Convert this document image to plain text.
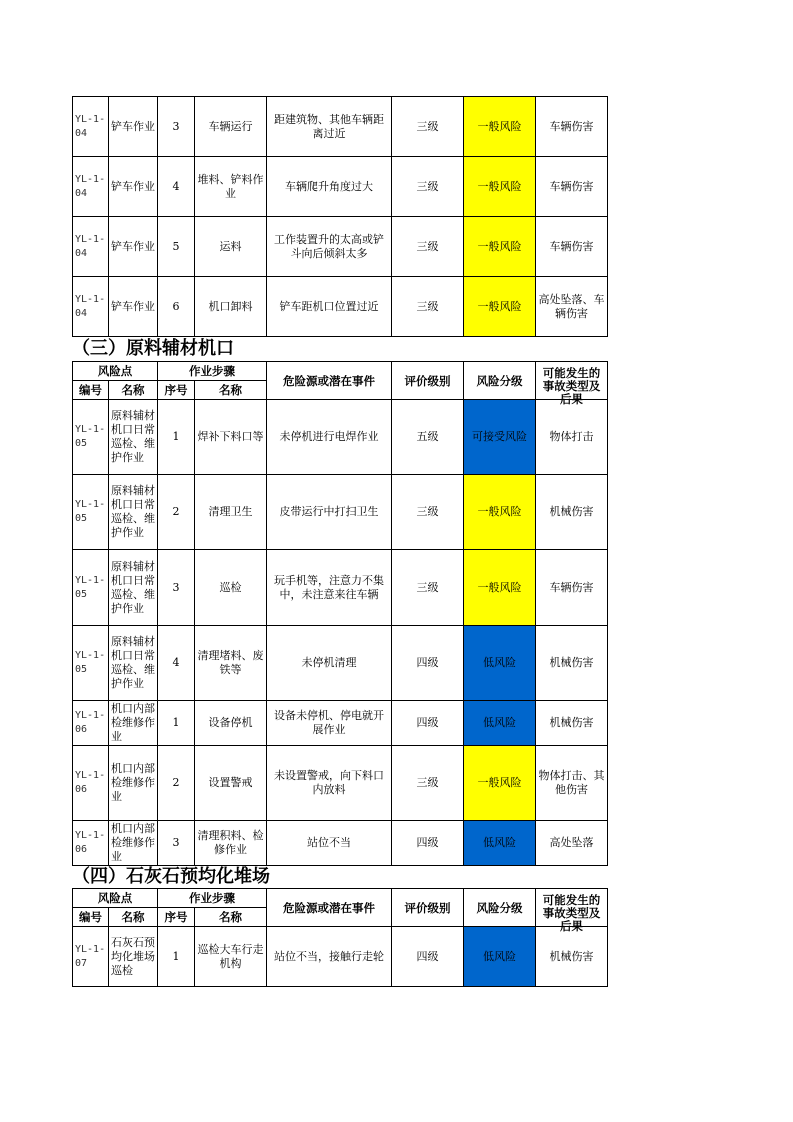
YL-1-04	铲车作业	3	车辆运行	距建筑物、其他车辆距离过近	三级	一般风险	车辆伤害
YL-1-04	铲车作业	4	堆料、铲料作业	车辆爬升角度过大	三级	一般风险	车辆伤害
YL-1-04	铲车作业	5	运料	工作装置升的太高或铲斗向后倾斜太多	三级	一般风险	车辆伤害
YL-1-04	铲车作业	6	机口卸料	铲车距机口位置过近	三级	一般风险	高处坠落、车辆伤害
（三）原料辅材机口
风险点		作业步骤		危险源或潜在事件	评价级别	风险分级	可能发生的事故类型及后果

编号	名称	序号	名称				
YL-1-05	原料辅材机口日常巡检、维护作业	1	焊补下料口等	未停机进行电焊作业	五级	可接受风险	物体打击
YL-1-05	原料辅材机口日常巡检、维护作业	2	清理卫生	皮带运行中打扫卫生	三级	一般风险	机械伤害
YL-1-05	原料辅材机口日常巡检、维护作业	3	巡检	玩手机等，注意力不集中，未注意来往车辆	三级	一般风险	车辆伤害
YL-1-05	原料辅材机口日常巡检、维护作业	4	清理堵料、废铁等	未停机清理	四级	低风险	机械伤害
YL-1-06	机口内部检维修作业	1	设备停机	设备未停机、停电就开展作业	四级	低风险	机械伤害
YL-1-06	机口内部检维修作业	2	设置警戒	未设置警戒，向下料口内放料	三级	一般风险	物体打击、其他伤害
YL-1-06	机口内部检维修作业	3	清理积料、检修作业	站位不当	四级	低风险	高处坠落
（四）石灰石预均化堆场
风险点		作业步骤		危险源或潜在事件	评价级别	风险分级	可能发生的事故类型及后果

编号	名称	序号	名称				
YL-1-07	石灰石预均化堆场巡检	1	巡检大车行走机构	站位不当，接触行走轮	四级	低风险	机械伤害
